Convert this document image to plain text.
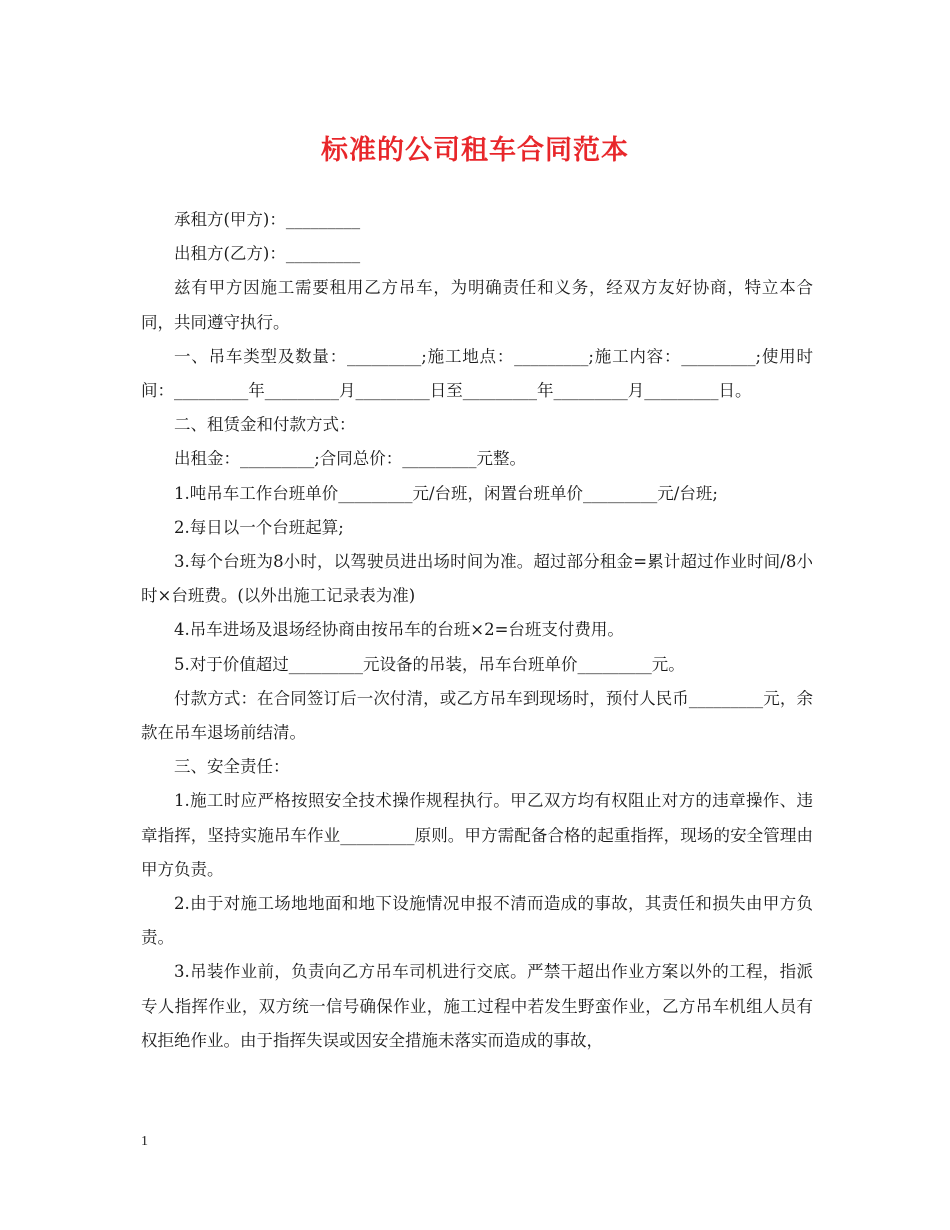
标准的公司租车合同范本

承租方(甲方)：_________

出租方(乙方)：_________

兹有甲方因施工需要租用乙方吊车，为明确责任和义务，经双方友好协商，特立本合同，共同遵守执行。

一、吊车类型及数量：_________;施工地点：_________;施工内容：_________;使用时间：_________年_________月_________日至_________年_________月_________日。

二、租赁金和付款方式：

出租金：_________;合同总价：_________元整。

1.吨吊车工作台班单价_________元/台班，闲置台班单价_________元/台班;

2.每日以一个台班起算;

3.每个台班为8小时，以驾驶员进出场时间为准。超过部分租金=累计超过作业时间/8小时×台班费。(以外出施工记录表为准)

4.吊车进场及退场经协商由按吊车的台班×2=台班支付费用。

5.对于价值超过_________元设备的吊装，吊车台班单价_________元。

付款方式：在合同签订后一次付清，或乙方吊车到现场时，预付人民币_________元，余款在吊车退场前结清。

三、安全责任：

1.施工时应严格按照安全技术操作规程执行。甲乙双方均有权阻止对方的违章操作、违章指挥，坚持实施吊车作业_________原则。甲方需配备合格的起重指挥，现场的安全管理由甲方负责。

2.由于对施工场地地面和地下设施情况申报不清而造成的事故，其责任和损失由甲方负责。

3.吊装作业前，负责向乙方吊车司机进行交底。严禁干超出作业方案以外的工程，指派专人指挥作业，双方统一信号确保作业，施工过程中若发生野蛮作业，乙方吊车机组人员有权拒绝作业。由于指挥失误或因安全措施未落实而造成的事故，

1
